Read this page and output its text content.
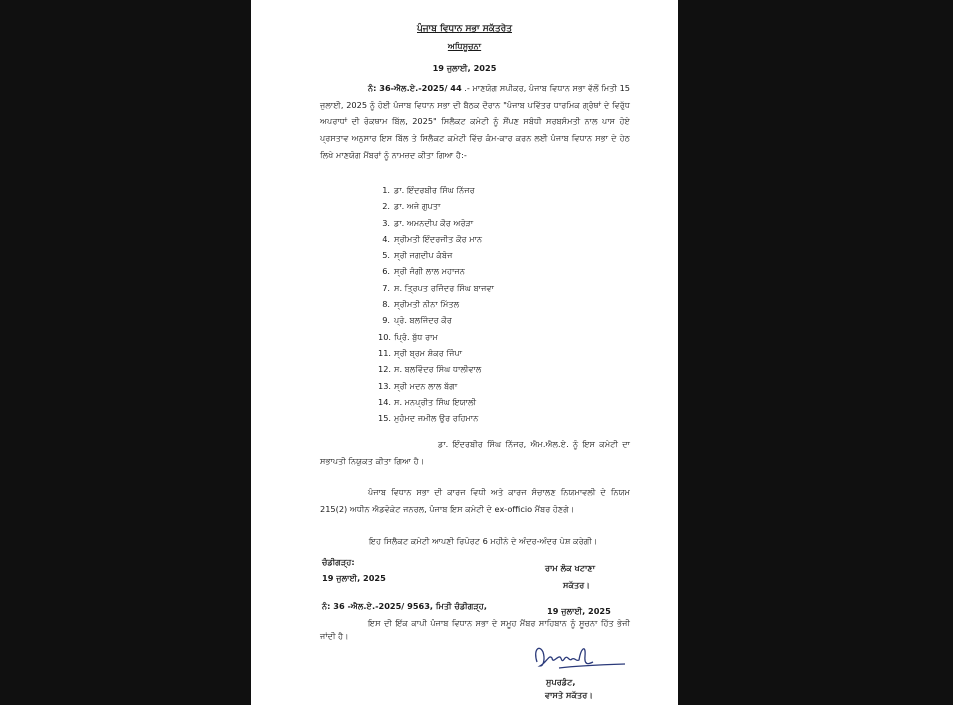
ਪੰਜਾਬ ਵਿਧਾਨ ਸਭਾ ਸਕੱਤਰੇਤ
ਅਧਿਸੂਚਨਾ
19 ਜੁਲਾਈ, 2025
ਨੰ: 36-ਐਲ.ਏ.-2025/ 44 .- ਮਾਣਯੋਗ ਸਪੀਕਰ, ਪੰਜਾਬ ਵਿਧਾਨ ਸਭਾ ਵੱਲੋਂ ਮਿਤੀ 15 ਜੁਲਾਈ, 2025 ਨੂੰ ਹੋਈ ਪੰਜਾਬ ਵਿਧਾਨ ਸਭਾ ਦੀ ਬੈਠਕ ਦੌਰਾਨ "ਪੰਜਾਬ ਪਵਿੱਤਰ ਧਾਰਮਿਕ ਗ੍ਰੰਥਾਂ ਦੇ ਵਿਰੁੱਧ ਅਪਰਾਧਾਂ ਦੀ ਰੋਕਥਾਮ ਬਿੱਲ, 2025" ਸਿਲੈਕਟ ਕਮੇਟੀ ਨੂੰ ਸੌਂਪਣ ਸਬੰਧੀ ਸਰਬਸੰਮਤੀ ਨਾਲ ਪਾਸ ਹੋਏ ਪ੍ਰਸਤਾਵ ਅਨੁਸਾਰ ਇਸ ਬਿੱਲ ਤੇ ਸਿਲੈਕਟ ਕਮੇਟੀ ਵਿੱਚ ਕੰਮ-ਕਾਰ ਕਰਨ ਲਈ ਪੰਜਾਬ ਵਿਧਾਨ ਸਭਾ ਦੇ ਹੇਠ ਲਿਖੇ ਮਾਣਯੋਗ ਮੈਂਬਰਾਂ ਨੂੰ ਨਾਮਜ਼ਦ ਕੀਤਾ ਗਿਆ ਹੈ:-
1. ਡਾ. ਇੰਦਰਬੀਰ ਸਿੰਘ ਨਿੱਜਰ
2. ਡਾ. ਅਜੇ ਗੁਪਤਾ
3. ਡਾ. ਅਮਨਦੀਪ ਕੌਰ ਅਰੋੜਾ
4. ਸ੍ਰੀਮਤੀ ਇੰਦਰਜੀਤ ਕੌਰ ਮਾਨ
5. ਸ੍ਰੀ ਜਗਦੀਪ ਕੰਬੋਜ
6. ਸ੍ਰੀ ਜੰਗੀ ਲਾਲ ਮਹਾਜਨ
7. ਸ. ਤ੍ਰਿਪਤ ਰਜਿੰਦਰ ਸਿੰਘ ਬਾਜਵਾ
8. ਸ੍ਰੀਮਤੀ ਨੀਨਾ ਮਿੱਤਲ
9. ਪ੍ਰੋ. ਬਲਜਿੰਦਰ ਕੌਰ
10. ਪ੍ਰਿੰ. ਬੁੱਧ ਰਾਮ
11. ਸ੍ਰੀ ਬ੍ਰਮ ਸ਼ੰਕਰ ਜਿੰਪਾ
12. ਸ. ਬਲਵਿੰਦਰ ਸਿੰਘ ਧਾਲੀਵਾਲ
13. ਸ੍ਰੀ ਮਦਨ ਲਾਲ ਬੱਗਾ
14. ਸ. ਮਨਪ੍ਰੀਤ ਸਿੰਘ ਇਯਾਲੀ
15. ਮੁਹੰਮਦ ਜਮੀਲ ਉਰ ਰਹਿਮਾਨ
ਡਾ. ਇੰਦਰਬੀਰ ਸਿੰਘ ਨਿੱਜਰ, ਐਮ.ਐਲ.ਏ. ਨੂੰ ਇਸ ਕਮੇਟੀ ਦਾ ਸਭਾਪਤੀ ਨਿਯੁਕਤ ਕੀਤਾ ਗਿਆ ਹੈ।
ਪੰਜਾਬ ਵਿਧਾਨ ਸਭਾ ਦੀ ਕਾਰਜ ਵਿਧੀ ਅਤੇ ਕਾਰਜ ਸੰਚਾਲਣ ਨਿਯਮਾਵਲੀ ਦੇ ਨਿਯਮ 215(2) ਅਧੀਨ ਐਡਵੋਕੇਟ ਜਨਰਲ, ਪੰਜਾਬ ਇਸ ਕਮੇਟੀ ਦੇ ex-officio ਮੈਂਬਰ ਹੋਣਗੇ।
ਇਹ ਸਿਲੈਕਟ ਕਮੇਟੀ ਆਪਣੀ ਰਿਪੋਰਟ 6 ਮਹੀਨੇ ਦੇ ਅੰਦਰ-ਅੰਦਰ ਪੇਸ਼ ਕਰੇਗੀ।
ਚੰਡੀਗੜ੍ਹ:
19 ਜੁਲਾਈ, 2025
ਰਾਮ ਲੋਕ ਖਟਾਣਾ
ਸਕੱਤਰ।
ਨੰ: 36 -ਐਲ.ਏ.-2025/ 9563, ਮਿਤੀ ਚੰਡੀਗੜ੍ਹ,	19 ਜੁਲਾਈ, 2025
ਇਸ ਦੀ ਇੱਕ ਕਾਪੀ ਪੰਜਾਬ ਵਿਧਾਨ ਸਭਾ ਦੇ ਸਮੂਹ ਮੈਂਬਰ ਸਾਹਿਬਾਨ ਨੂੰ ਸੂਚਨਾ ਹਿੱਤ ਭੇਜੀ ਜਾਂਦੀ ਹੈ।
ਸੁਪਰਡੰਟ,
ਵਾਸਤੇ ਸਕੱਤਰ।
